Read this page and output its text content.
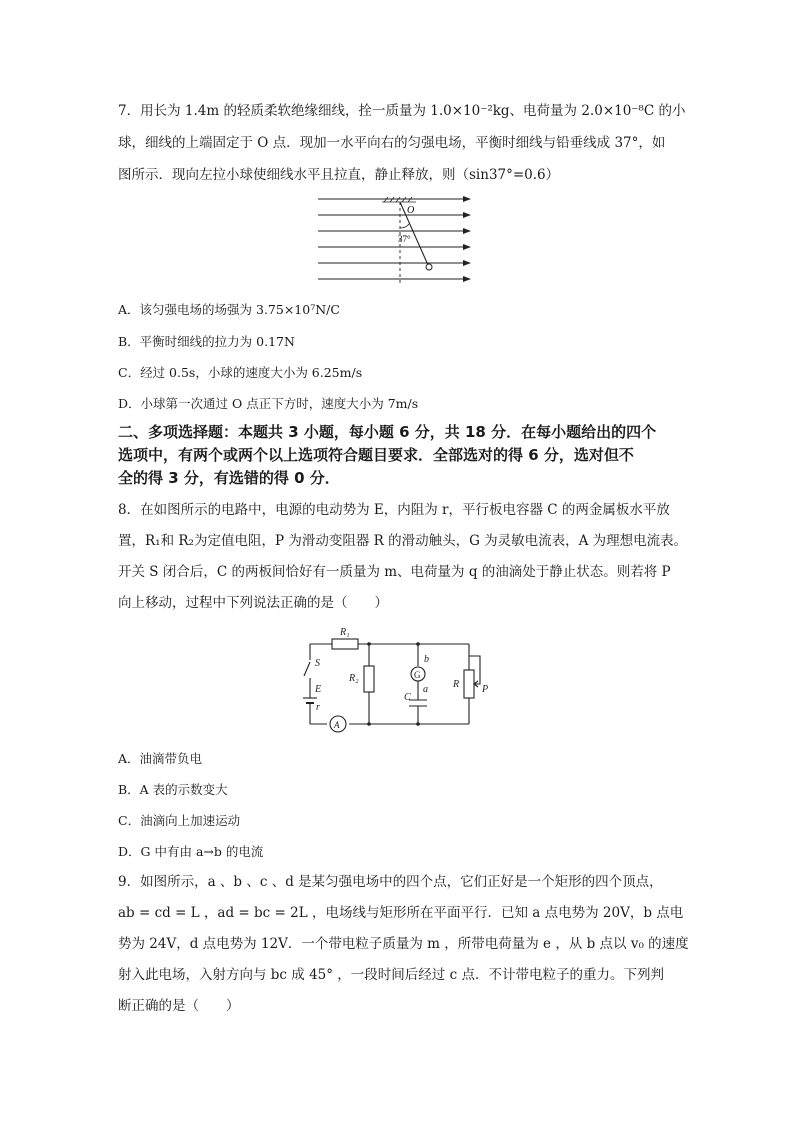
7．用长为 1.4m 的轻质柔软绝缘细线，拴一质量为 1.0×10⁻²kg、电荷量为 2.0×10⁻⁸C 的小
球，细线的上端固定于 O 点．现加一水平向右的匀强电场，平衡时细线与铅垂线成 37°，如
图所示．现向左拉小球使细线水平且拉直，静止释放，则（sin37°=0.6）
O
37°
A．该匀强电场的场强为 3.75×10⁷N/C
B．平衡时细线的拉力为 0.17N
C．经过 0.5s，小球的速度大小为 6.25m/s
D．小球第一次通过 O 点正下方时，速度大小为 7m/s
二、多项选择题：本题共 3 小题，每小题 6 分，共 18 分．在每小题给出的四个
选项中，有两个或两个以上选项符合题目要求．全部选对的得 6 分，选对但不
全的得 3 分，有选错的得 0 分．
8．在如图所示的电路中，电源的电动势为 E，内阻为 r，平行板电容器 C 的两金属板水平放
置，R₁和 R₂为定值电阻，P 为滑动变阻器 R 的滑动触头，G 为灵敏电流表，A 为理想电流表。
开关 S 闭合后，C 的两板间恰好有一质量为 m、电荷量为 q 的油滴处于静止状态。则若将 P
向上移动，过程中下列说法正确的是（　　）
R₁
R₂
R P
S
E
r
G
A
b
a
C
A．油滴带负电
B．A 表的示数变大
C．油滴向上加速运动
D．G 中有由 a→b 的电流
9．如图所示，a 、b 、c 、d 是某匀强电场中的四个点，它们正好是一个矩形的四个顶点，
ab = cd = L ，ad = bc = 2L ，电场线与矩形所在平面平行．已知 a 点电势为 20V，b 点电
势为 24V，d 点电势为 12V．一个带电粒子质量为 m ，所带电荷量为 e ，从 b 点以 v₀ 的速度
射入此电场，入射方向与 bc 成 45° ，一段时间后经过 c 点．不计带电粒子的重力。下列判
断正确的是（　　）
